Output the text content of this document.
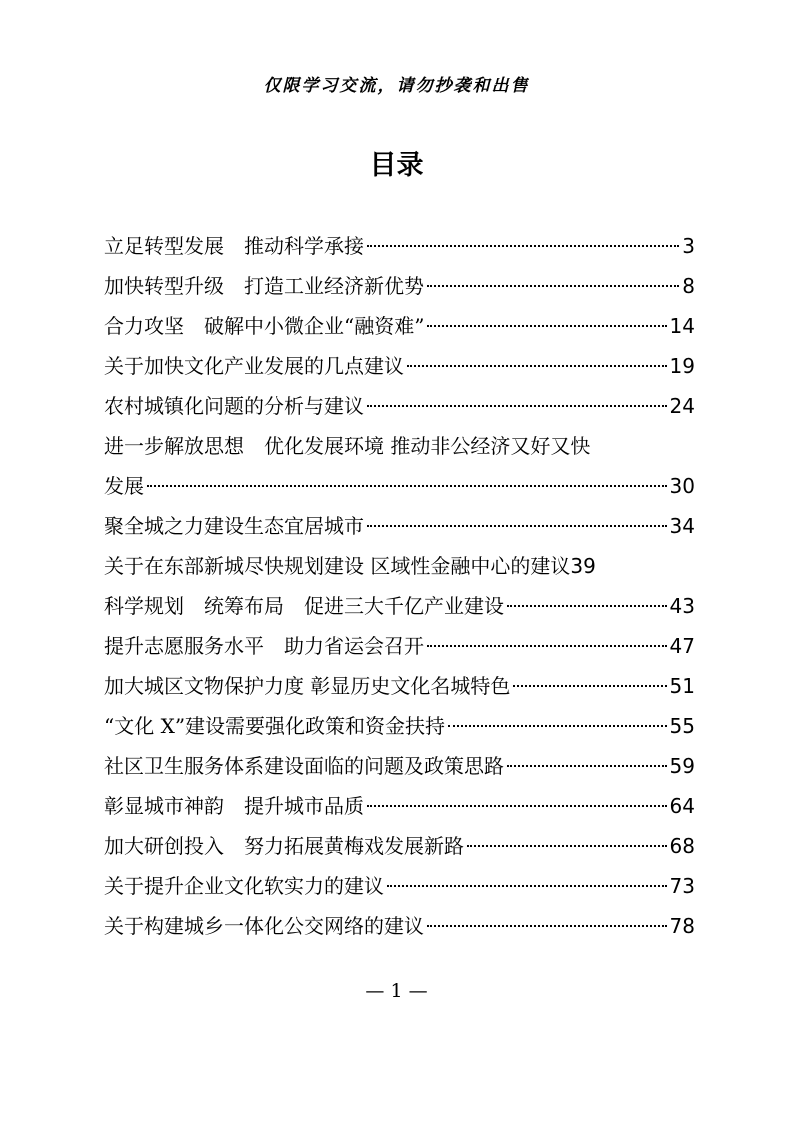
仅限学习交流，请勿抄袭和出售
目录
立足转型发展　推动科学承接	3
加快转型升级　打造工业经济新优势	8
合力攻坚　破解中小微企业“融资难”	14
关于加快文化产业发展的几点建议	19
农村城镇化问题的分析与建议	24
进一步解放思想　优化发展环境 推动非公经济又好又快
发展	30
聚全城之力建设生态宜居城市	34
关于在东部新城尽快规划建设 区域性金融中心的建议 39
科学规划　统筹布局　促进三大千亿产业建设	43
提升志愿服务水平　助力省运会召开	47
加大城区文物保护力度 彰显历史文化名城特色	51
“文化 X”建设需要强化政策和资金扶持	55
社区卫生服务体系建设面临的问题及政策思路	59
彰显城市神韵　提升城市品质	64
加大研创投入　努力拓展黄梅戏发展新路	68
关于提升企业文化软实力的建议	73
关于构建城乡一体化公交网络的建议	78
— 1 —
